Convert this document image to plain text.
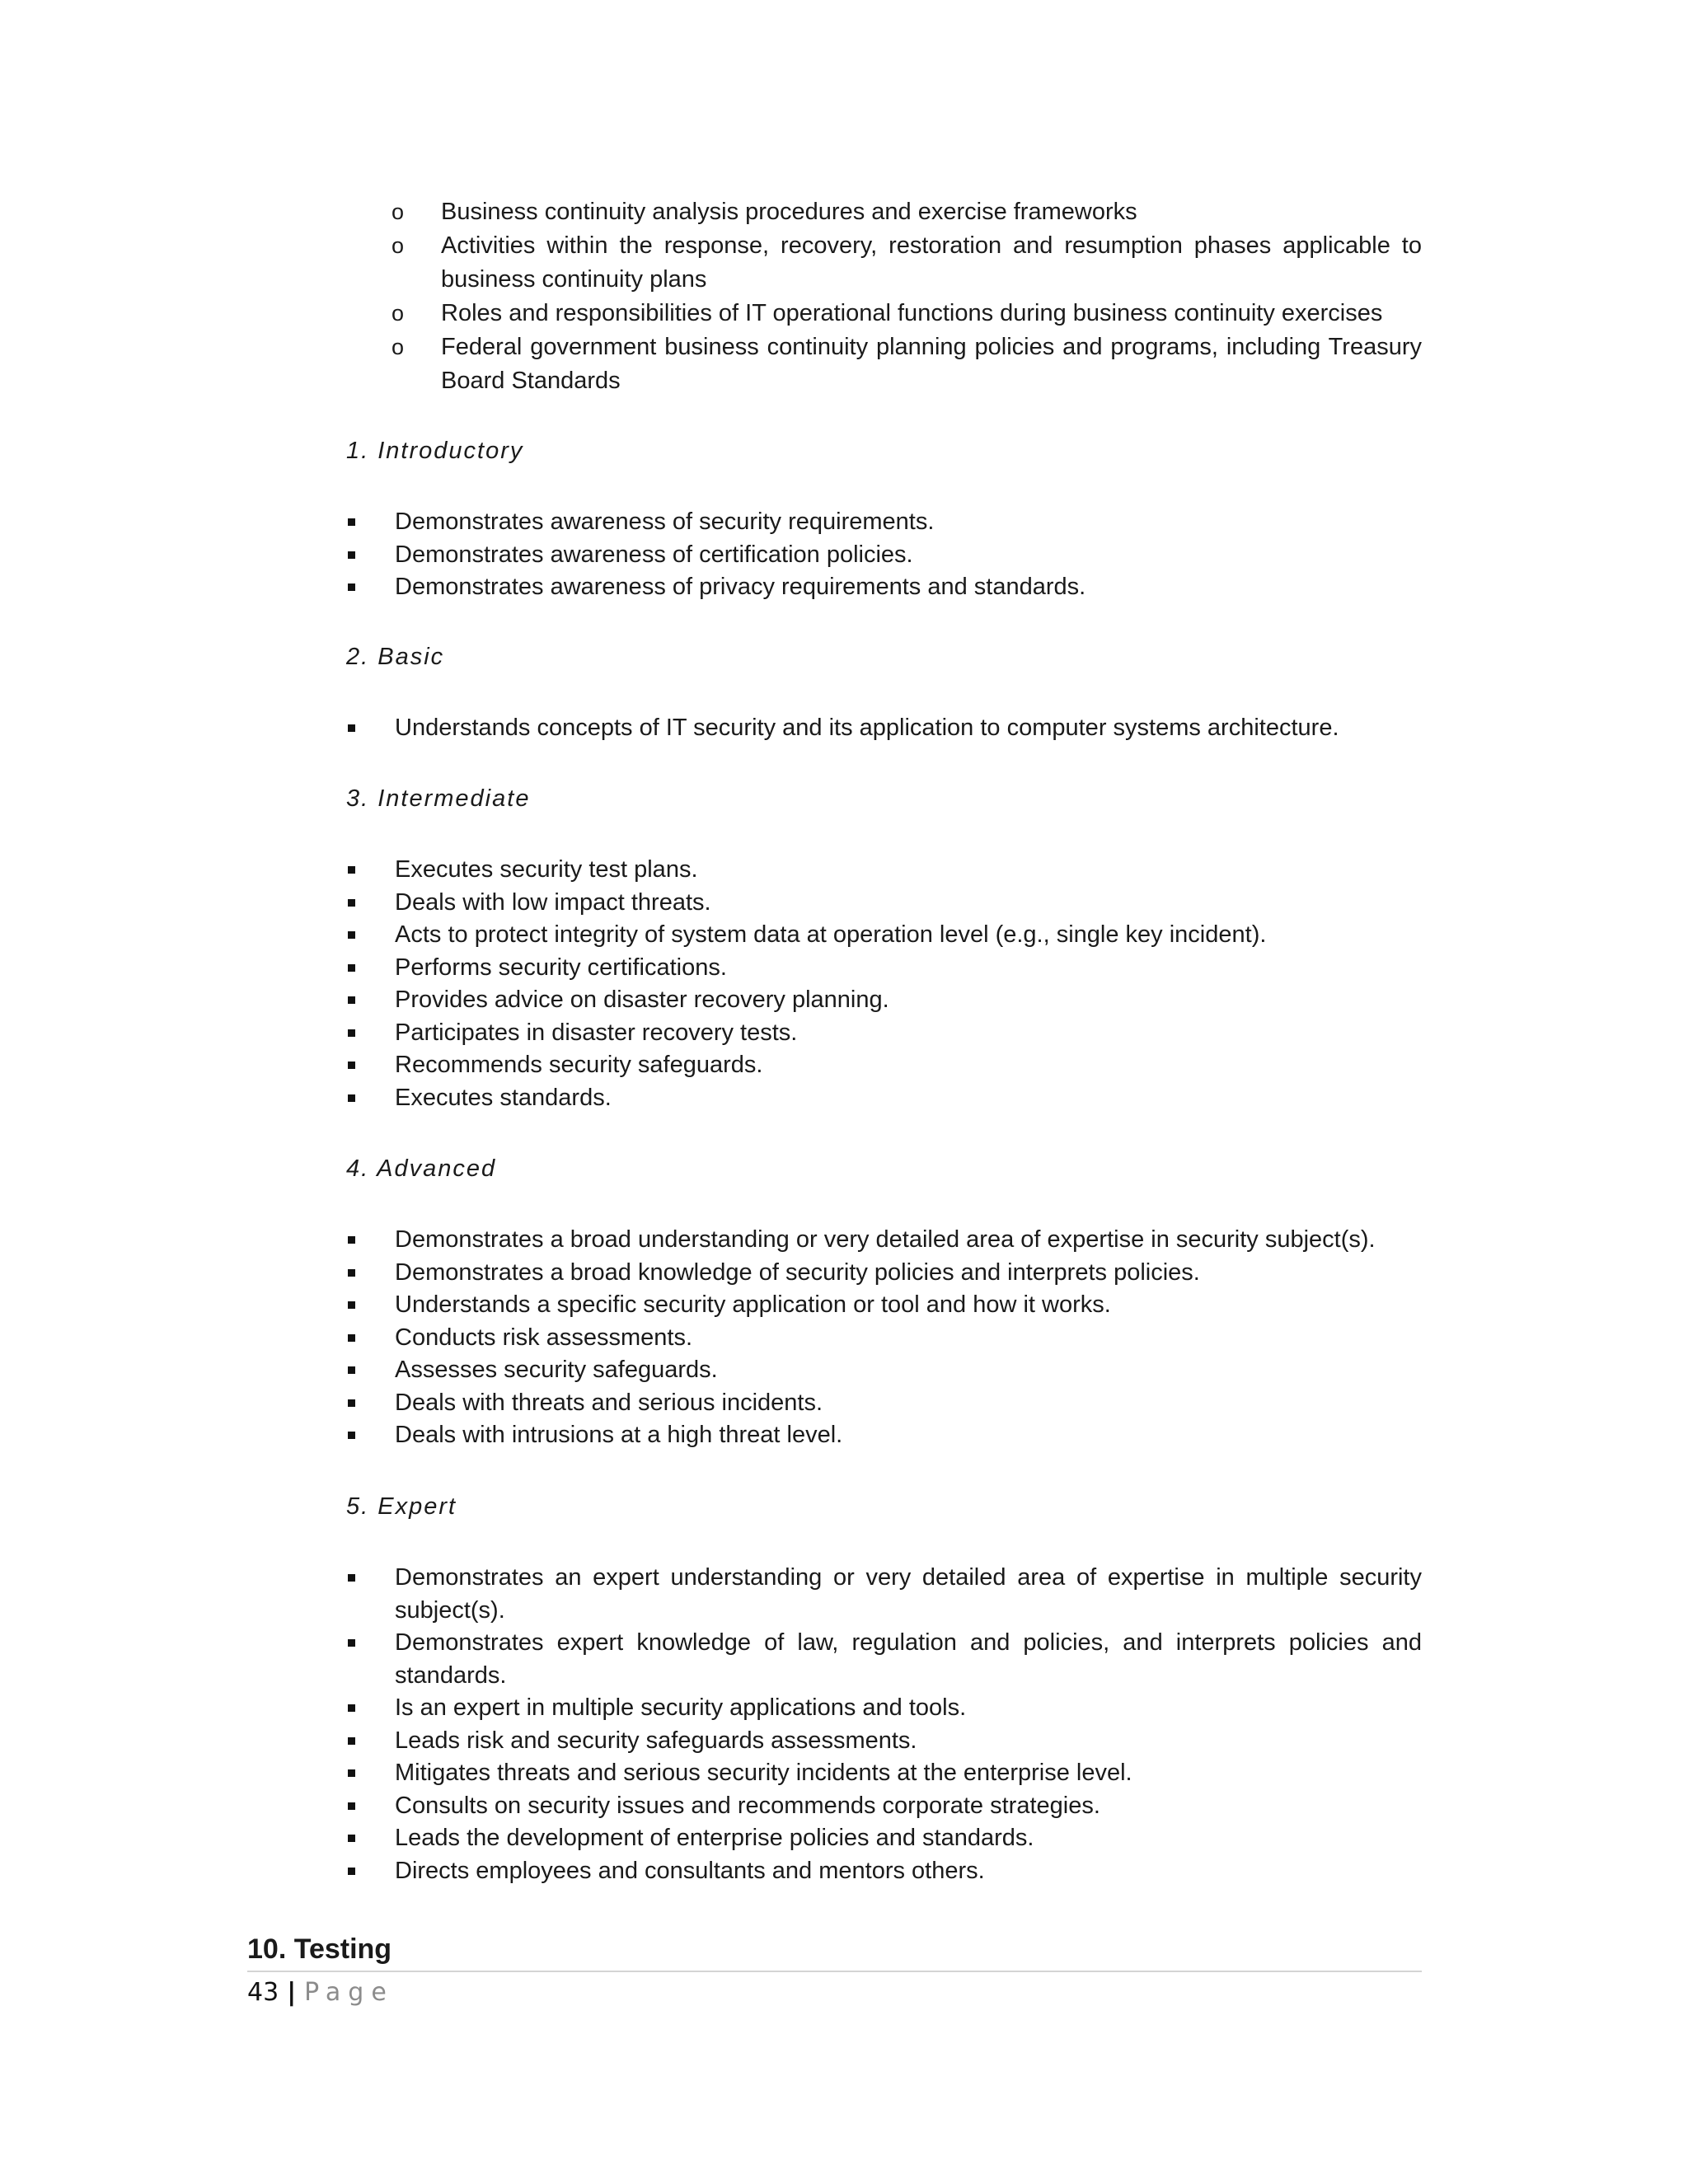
o	Business continuity analysis procedures and exercise frameworks

o	Activities within the response, recovery, restoration and resumption phases applicable to business continuity plans

o	Roles and responsibilities of IT operational functions during business continuity exercises

o	Federal government business continuity planning policies and programs, including Treasury Board Standards

1. Introductory

Demonstrates awareness of security requirements.

Demonstrates awareness of certification policies.

Demonstrates awareness of privacy requirements and standards.

2. Basic

Understands concepts of IT security and its application to computer systems architecture.

3. Intermediate

Executes security test plans.

Deals with low impact threats.

Acts to protect integrity of system data at operation level (e.g., single key incident).

Performs security certifications.

Provides advice on disaster recovery planning.

Participates in disaster recovery tests.

Recommends security safeguards.

Executes standards.

4. Advanced

Demonstrates a broad understanding or very detailed area of expertise in security subject(s).

Demonstrates a broad knowledge of security policies and interprets policies.

Understands a specific security application or tool and how it works.

Conducts risk assessments.

Assesses security safeguards.

Deals with threats and serious incidents.

Deals with intrusions at a high threat level.

5. Expert

Demonstrates an expert understanding or very detailed area of expertise in multiple security subject(s).

Demonstrates expert knowledge of law, regulation and policies, and interprets policies and standards.

Is an expert in multiple security applications and tools.

Leads risk and security safeguards assessments.

Mitigates threats and serious security incidents at the enterprise level.

Consults on security issues and recommends corporate strategies.

Leads the development of enterprise policies and standards.

Directs employees and consultants and mentors others.

10. Testing
43 | Page
